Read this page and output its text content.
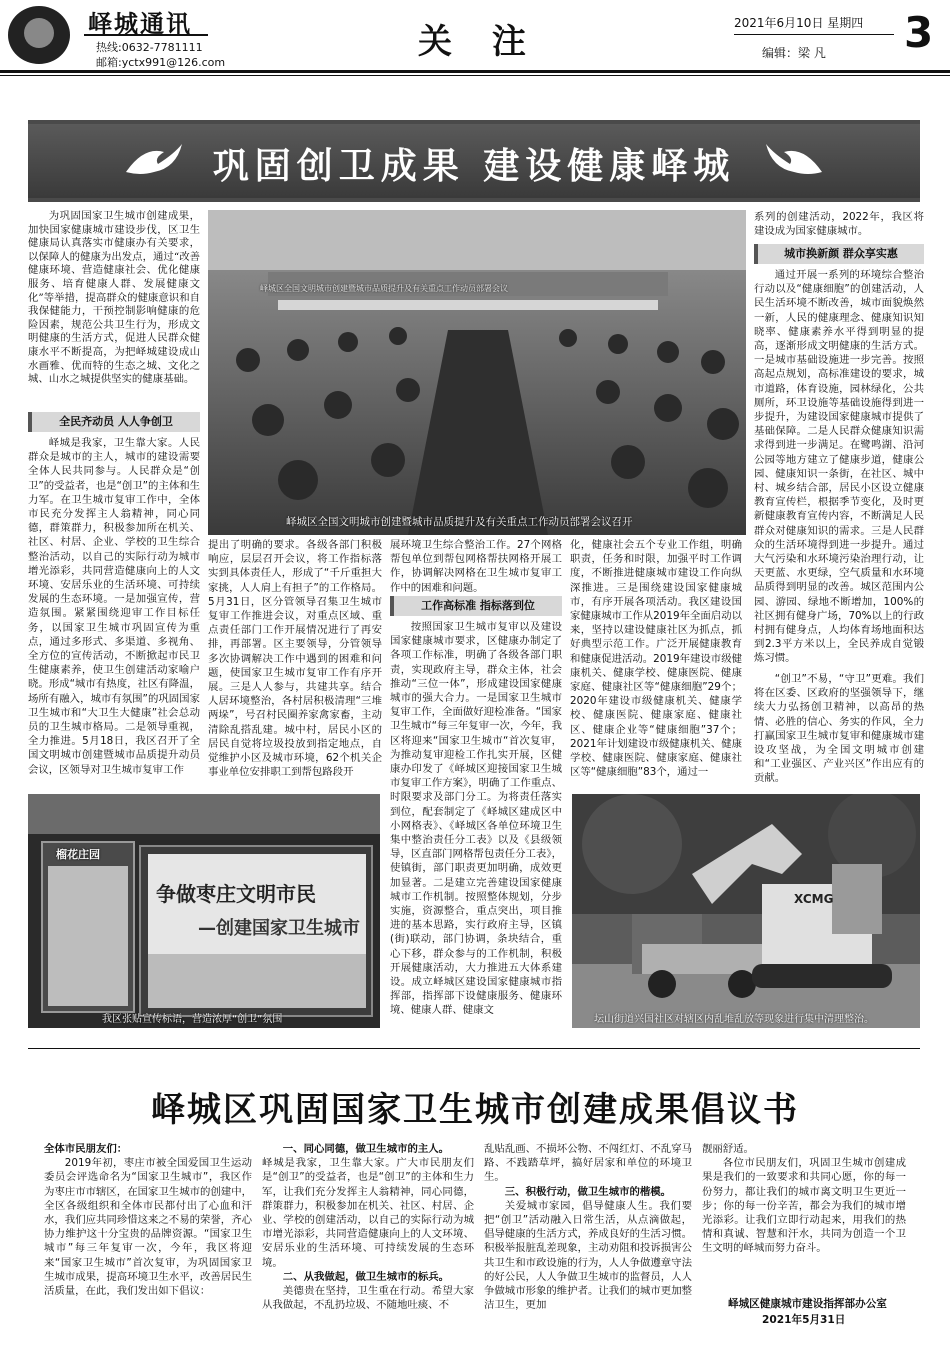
峄城通讯
热线:0632-7781111
邮箱:yctx991@126.com
关 注	2021年6月10日 星期四
编辑：梁 凡 3
巩固创卫成果 建设健康峄城

为巩固国家卫生城市创建成果，加快国家健康城市建设步伐，区卫生健康局认真落实市健康办有关要求，以保障人的健康为出发点，通过“改善健康环境、营造健康社会、优化健康服务、培育健康人群、发展健康文化”等举措，提高群众的健康意识和自我保健能力，干预控制影响健康的危险因素，规范公共卫生行为，形成文明健康的生活方式，促进人民群众健康水平不断提高，为把峄城建设成山水画雅、优而特的生态之城、文化之城、山水之城提供坚实的健康基础。

全民齐动员 人人争创卫

峄城是我家，卫生靠大家。人民群众是城市的主人，城市的建设需要全体人民共同参与。人民群众是“创卫”的受益者，也是“创卫”的主体和生力军。在卫生城市复审工作中，全体市民充分发挥主人翁精神，同心同德，群策群力，积极参加所在机关、社区、村居、企业、学校的卫生综合整治活动，以自己的实际行动为城市增光添彩，共同营造健康向上的人文环境、安居乐业的生活环境、可持续发展的生态环境。一是加强宣传，营造氛围。紧紧围绕迎审工作目标任务，以国家卫生城市巩固宣传为重点，通过多形式、多渠道、多视角、全方位的宣传活动，不断掀起市民卫生健康素养，使卫生创建活动家喻户晓。形成“城市有热度，社区有降温，场所有融入，城市有氛围”的巩固国家卫生城市和“大卫生大健康”社会总动员的卫生城市格局。二是领导重视，全力推进。5月18日，我区召开了全国文明城市创建暨城市品质提升动员会议，区领导对卫生城市复审工作

峄城区全国文明城市创建暨城市品质提升及有关重点工作动员部署会议
峄城区全国文明城市创建暨城市品质提升及有关重点工作动员部署会议召开

提出了明确的要求。各级各部门积极响应，层层召开会议，将工作指标落实到具体责任人，形成了“千斤重担大家挑，人人肩上有担子”的工作格局。5月31日，区分管领导召集卫生城市复审工作推进会议，对重点区域、重点责任部门工作开展情况进行了再安排，再部署。区主要领导，分管领导多次协调解决工作中遇到的困难和问题，使国家卫生城市复审工作有序开展。三是人人参与，共建共享。结合人居环境整治，各村居积极清理“三堆两垛”，号召村民圈养家禽家畜，主动清除乱搭乱建。城中村，居民小区的居民自觉将垃圾投放到指定地点，自觉维护小区及城市环境，62个机关企事业单位安排职工到帮包路段开

展环境卫生综合整治工作。27个网格帮包单位到帮包网格帮扶网格开展工作，协调解决网格在卫生城市复审工作中的困难和问题。

工作高标准 指标落到位

按照国家卫生城市复审以及建设国家健康城市要求，区健康办制定了各项工作标准，明确了各级各部门职责，实现政府主导，群众主体，社会推动“三位一体”，形成建设国家健康城市的强大合力。一是国家卫生城市复审工作，全面做好迎检准备。“国家卫生城市“每三年复审一次，今年，我区将迎来“国家卫生城市“首次复审，为推动复审迎检工作扎实开展，区健康办印发了《峄城区迎接国家卫生城市复审工作方案》，明确了工作重点、时限要求及部门分工。为将责任落实到位，配套制定了《峄城区建成区中小网格表》、《峄城区各单位环境卫生集中整治责任分工表》以及《县级领导，区直部门网格帮包责任分工表》，使镇街，部门职责更加明确，成效更加显著。二是建立完善建设国家健康城市工作机制。按照整体规划，分步实施，资源整合，重点突出，项目推进的基本思路，实行政府主导，区镇(街)联动，部门协调，条块结合，重心下移，群众参与的工作机制，积极开展健康活动，大力推进五大体系建设。成立峄城区建设国家健康城市指挥部，指挥部下设健康服务、健康环境、健康人群、健康文

化，健康社会五个专业工作组，明确职责，任务和时限，加强平时工作调度，不断推进健康城市建设工作向纵深推进。三是围绕建设国家健康城市，有序开展各项活动。我区建设国家健康城市工作从2019年全面启动以来，坚持以建设健康社区为抓点，抓好典型示范工作。广泛开展健康教育和健康促进活动。2019年建设市级健康机关、健康学校、健康医院、健康家庭、健康社区等“健康细胞”29个；2020年建设市级健康机关、健康学校、健康医院、健康家庭、健康社区、健康企业等“健康细胞”37个；2021年计划建设市级健康机关、健康学校、健康医院、健康家庭、健康社区等“健康细胞”83个，通过一

系列的创建活动，2022年，我区将建设成为国家健康城市。

城市换新颜 群众享实惠

通过开展一系列的环境综合整治行动以及“健康细胞”的创建活动，人民生活环境不断改善，城市面貌焕然一新，人民的健康理念、健康知识知晓率、健康素养水平得到明显的提高，逐渐形成文明健康的生活方式。一是城市基础设施进一步完善。按照高起点规划，高标准建设的要求，城市道路，体育设施，园林绿化，公共厕所，环卫设施等基础设施得到进一步提升，为建设国家健康城市提供了基础保障。二是人民群众健康知识需求得到进一步满足。在鹭鸣湖、沿河公园等地方建立了健康步道，健康公园、健康知识一条街，在社区、城中村、城乡结合部，居民小区设立健康教育宣传栏，根据季节变化，及时更新健康教育宣传内容，不断满足人民群众对健康知识的需求。三是人民群众的生活环境得到进一步提升。通过大气污染和水环境污染治理行动，让天更蓝、水更绿，空气质量和水环境品质得到明显的改善。城区范围内公园、游园、绿地不断增加，100%的社区拥有健身广场，70%以上的行政村拥有健身点，人均体育场地面积达到2.3平方米以上，全民养成自觉锻炼习惯。

“创卫”不易，“守卫”更难。我们将在区委、区政府的坚强领导下，继续大力弘扬创卫精神，以高昂的热情、必胜的信心、务实的作风，全力打赢国家卫生城市复审和健康城市建设攻坚战，为全国文明城市创建和“工业强区、产业兴区”作出应有的贡献。

榴花庄园
争做枣庄文明市民
—创建国家卫生城市
我区张贴宣传标语，营造浓厚“创卫”氛围
XCMG
坛山街道兴国社区对辖区内乱堆乱放等现象进行集中清理整治。
峄城区巩固国家卫生城市创建成果倡议书
全体市民朋友们：

2019年初，枣庄市被全国爱国卫生运动委员会评选命名为“国家卫生城市”，我区作为枣庄市市辖区，在国家卫生城市的创建中，全区各级组织和全体市民都付出了心血和汗水，我们应共同珍惜这来之不易的荣誉，齐心协力维护这十分宝贵的品牌资源。“国家卫生城市”每三年复审一次，今年，我区将迎来“国家卫生城市”首次复审，为巩固国家卫生城市成果，提高环境卫生水平，改善居民生活质量，在此，我们发出如下倡议：

一、同心同德，做卫生城市的主人。

峄城是我家，卫生靠大家。广大市民朋友们是“创卫”的受益者，也是“创卫”的主体和生力军，让我们充分发挥主人翁精神，同心同德，群策群力，积极参加在机关、社区、村居、企业、学校的创建活动，以自己的实际行动为城市增光添彩，共同营造健康向上的人文环境、安居乐业的生活环境、可持续发展的生态环境。

二、从我做起，做卫生城市的标兵。

美德贵在坚持，卫生重在行动。希望大家从我做起，不乱扔垃圾、不随地吐痰、不

乱贴乱画、不损坏公物、不闯红灯、不乱穿马路、不践踏草坪，搞好居家和单位的环境卫生。

三、积极行动，做卫生城市的楷模。

关爱城市家园，倡导健康人生。我们要把“创卫”活动融入日常生活，从点滴做起，倡导健康的生活方式，养成良好的生活习惯。积极举报脏乱差现象，主动劝阻和投诉损害公共卫生和市政设施的行为，人人争做遵章守法的好公民，人人争做卫生城市的监督员，人人争做城市形象的维护者。让我们的城市更加整洁卫生，更加

靓丽舒适。

各位市民朋友们，巩固卫生城市创建成果是我们的一致要求和共同心愿，你的每一份努力，都让我们的城市离文明卫生更近一步；你的每一份辛苦，都会为我们的城市增光添彩。让我们立即行动起来，用我们的热情和真诚、智慧和汗水，共同为创造一个卫生文明的峄城而努力奋斗。

峄城区健康城市建设指挥部办公室
2021年5月31日
